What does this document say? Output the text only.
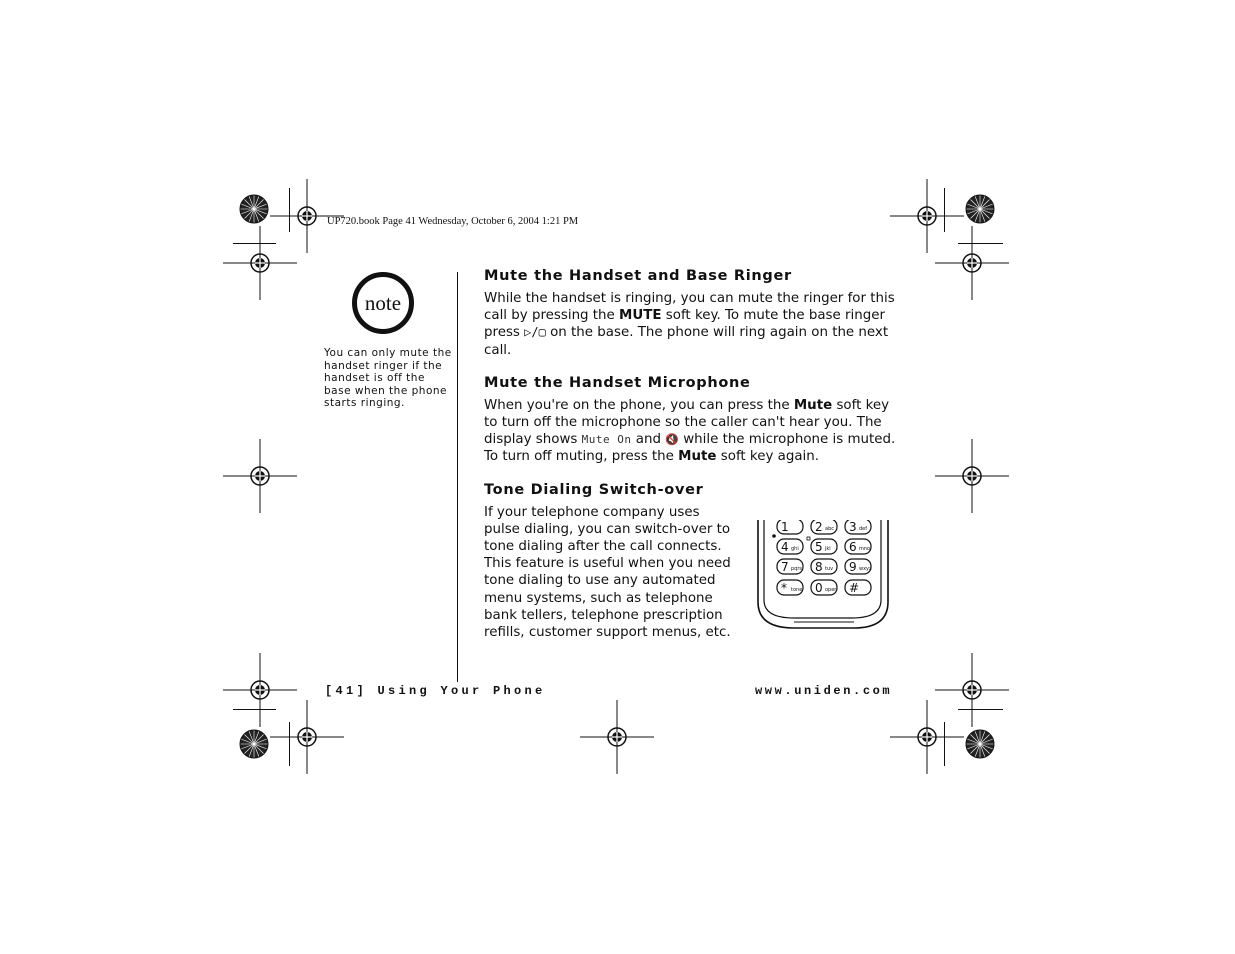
UP720.book Page 41 Wednesday, October 6, 2004 1:21 PM
note
You can only mute the handset ringer if the handset is off the base when the phone starts ringing.
Mute the Handset and Base Ringer

While the handset is ringing, you can mute the ringer for this call by pressing the MUTE soft key. To mute the base ringer press ▷/▢ on the base. The phone will ring again on the next call.

Mute the Handset Microphone

When you're on the phone, you can press the Mute soft key to turn off the microphone so the caller can't hear you. The display shows Mute On and 🔇 while the microphone is muted. To turn off muting, press the Mute soft key again.

Tone Dialing Switch-over

If your telephone company uses pulse dialing, you can switch-over to tone dialing after the call connects. This feature is useful when you need tone dialing to use any automated menu systems, such as telephone bank tellers, telephone prescription refills, customer support menus, etc.

1 2 abc 3 def
4 ghi 5 jkl 6 mno
7 pqrs 8 tuv 9 wxyz
* tone 0 oper #
[41] Using Your Phone	www.uniden.com
